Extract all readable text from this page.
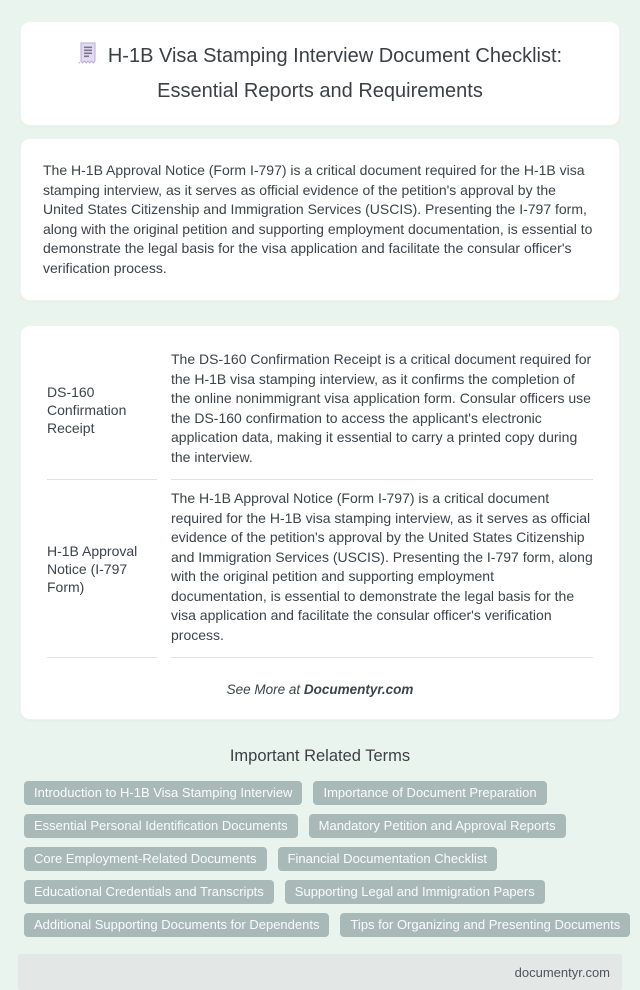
H-1B Visa Stamping Interview Document Checklist: Essential Reports and Requirements

The H-1B Approval Notice (Form I-797) is a critical document required for the H-1B visa stamping interview, as it serves as official evidence of the petition's approval by the United States Citizenship and Immigration Services (USCIS). Presenting the I-797 form, along with the original petition and supporting employment documentation, is essential to demonstrate the legal basis for the visa application and facilitate the consular officer's verification process.

DS-160 Confirmation Receipt
The DS-160 Confirmation Receipt is a critical document required for the H-1B visa stamping interview, as it confirms the completion of the online nonimmigrant visa application form. Consular officers use the DS-160 confirmation to access the applicant's electronic application data, making it essential to carry a printed copy during the interview.
H-1B Approval Notice (I-797 Form)
The H-1B Approval Notice (Form I-797) is a critical document required for the H-1B visa stamping interview, as it serves as official evidence of the petition's approval by the United States Citizenship and Immigration Services (USCIS). Presenting the I-797 form, along with the original petition and supporting employment documentation, is essential to demonstrate the legal basis for the visa application and facilitate the consular officer's verification process.
See More at Documentyr.com
Important Related Terms
Introduction to H-1B Visa Stamping Interview	Importance of Document Preparation
Essential Personal Identification Documents	Mandatory Petition and Approval Reports
Core Employment-Related Documents	Financial Documentation Checklist
Educational Credentials and Transcripts	Supporting Legal and Immigration Papers
Additional Supporting Documents for Dependents	Tips for Organizing and Presenting Documents
documentyr.com
